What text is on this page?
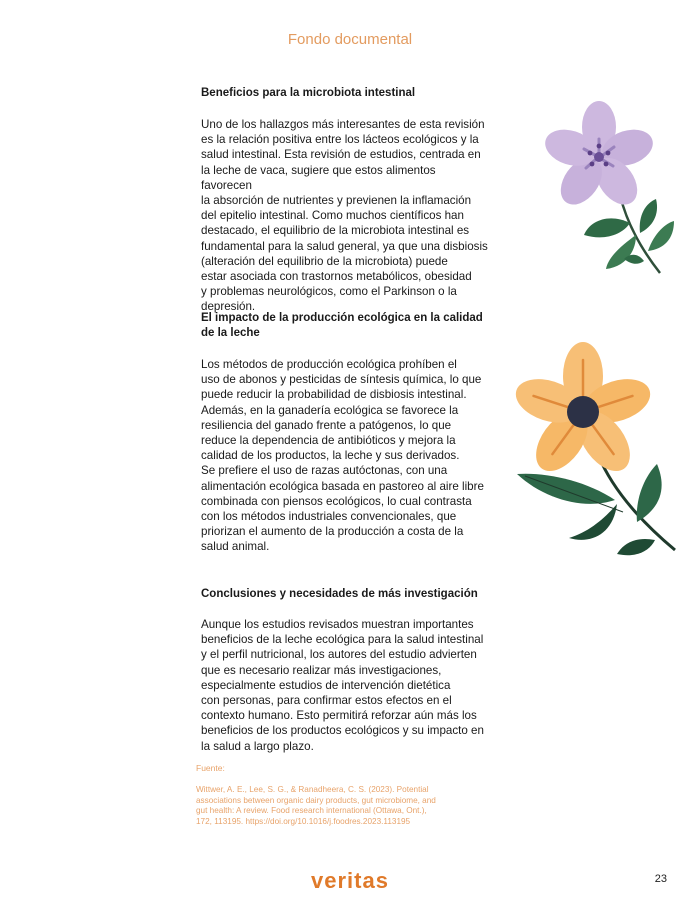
Fondo documental

Beneficios para la microbiota intestinal

Uno de los hallazgos más interesantes de esta revisión
es la relación positiva entre los lácteos ecológicos y la
salud intestinal. Esta revisión de estudios, centrada en
la leche de vaca, sugiere que estos alimentos favorecen
la absorción de nutrientes y previenen la inflamación
del epitelio intestinal. Como muchos científicos han
destacado, el equilibrio de la microbiota intestinal es
fundamental para la salud general, ya que una disbiosis
(alteración del equilibrio de la microbiota) puede
estar asociada con trastornos metabólicos, obesidad
y problemas neurológicos, como el Parkinson o la
depresión.

El impacto de la producción ecológica en la calidad
de la leche

Los métodos de producción ecológica prohíben el
uso de abonos y pesticidas de síntesis química, lo que
puede reducir la probabilidad de disbiosis intestinal.
Además, en la ganadería ecológica se favorece la
resiliencia del ganado frente a patógenos, lo que
reduce la dependencia de antibióticos y mejora la
calidad de los productos, la leche y sus derivados.
Se prefiere el uso de razas autóctonas, con una
alimentación ecológica basada en pastoreo al aire libre
combinada con piensos ecológicos, lo cual contrasta
con los métodos industriales convencionales, que
priorizan el aumento de la producción a costa de la
salud animal.

Conclusiones y necesidades de más investigación

Aunque los estudios revisados muestran importantes
beneficios de la leche ecológica para la salud intestinal
y el perfil nutricional, los autores del estudio advierten
que es necesario realizar más investigaciones,
especialmente estudios de intervención dietética
con personas, para confirmar estos efectos en el
contexto humano. Esto permitirá reforzar aún más los
beneficios de los productos ecológicos y su impacto en
la salud a largo plazo.

Fuente:
Wittwer, A. E., Lee, S. G., & Ranadheera, C. S. (2023). Potential
associations between organic dairy products, gut microbiome, and
gut health: A review. Food research international (Ottawa, Ont.),
172, 113195. https://doi.org/10.1016/j.foodres.2023.113195
veritas	23
